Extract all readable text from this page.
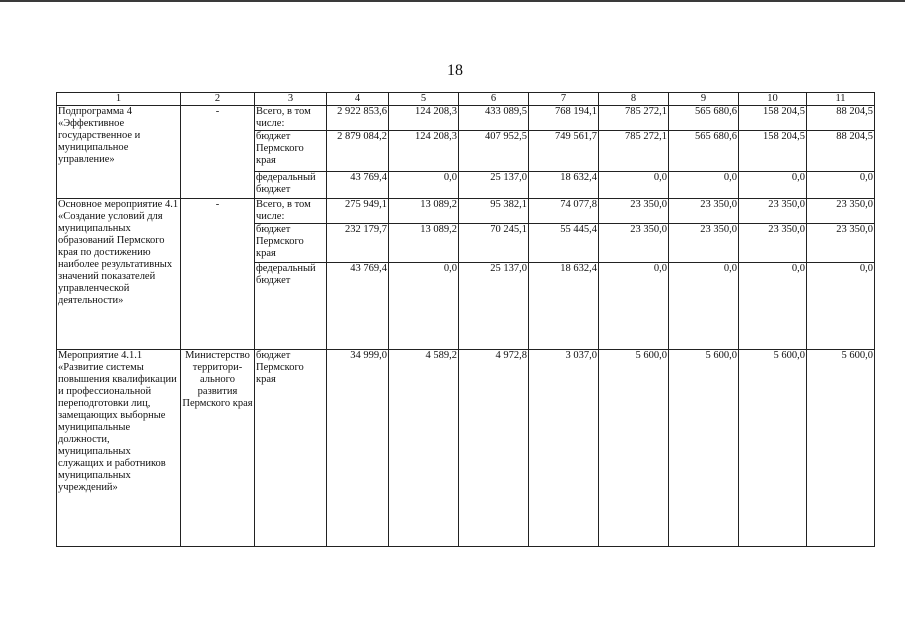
18
1	2	3	4	5	6	7	8	9	10	11
Подпрограмма 4 «Эффективное государственное и муниципальное управление»	-	Всего, в том числе:	2 922 853,6	124 208,3	433 089,5	768 194,1	785 272,1	565 680,6	158 204,5	88 204,5
		бюджет Пермского края	2 879 084,2	124 208,3	407 952,5	749 561,7	785 272,1	565 680,6	158 204,5	88 204,5
		федеральный бюджет	43 769,4	0,0	25 137,0	18 632,4	0,0	0,0	0,0	0,0
Основное мероприятие 4.1 «Создание условий для муниципальных образований Пермского края по достижению наиболее результативных значений показателей управленческой деятельности»	-	Всего, в том числе:	275 949,1	13 089,2	95 382,1	74 077,8	23 350,0	23 350,0	23 350,0	23 350,0
		бюджет Пермского края	232 179,7	13 089,2	70 245,1	55 445,4	23 350,0	23 350,0	23 350,0	23 350,0
		федеральный бюджет	43 769,4	0,0	25 137,0	18 632,4	0,0	0,0	0,0	0,0
Мероприятие 4.1.1 «Развитие системы повышения квалификации и профессиональной переподготовки лиц, замещающих выборные муниципальные должности, муниципальных служащих и работников муниципальных учреждений»	Министерство территори-ального развития Пермского края	бюджет Пермского края	34 999,0	4 589,2	4 972,8	3 037,0	5 600,0	5 600,0	5 600,0	5 600,0
